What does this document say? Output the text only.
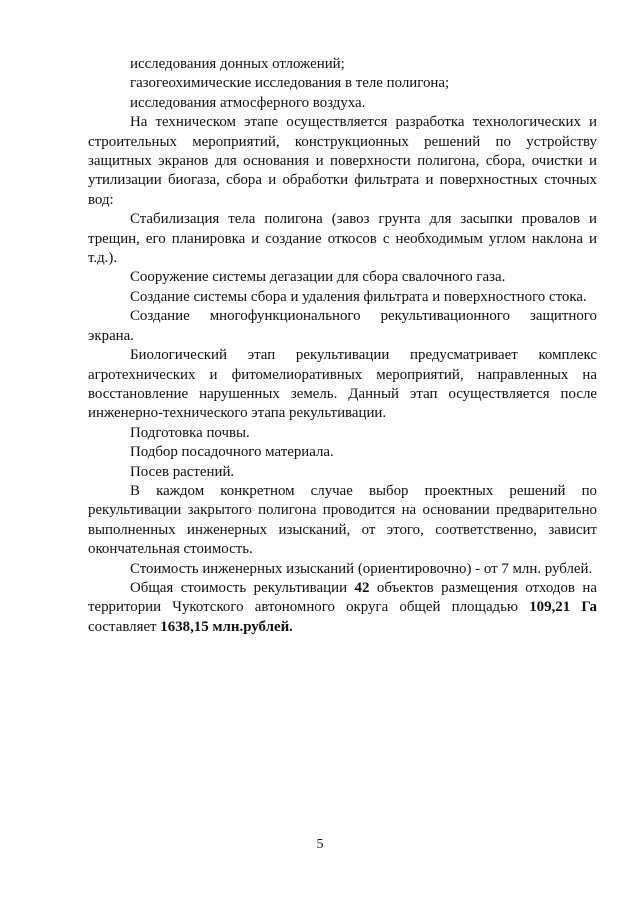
исследования донных отложений;

газогеохимические исследования в теле полигона;

исследования атмосферного воздуха.

На техническом этапе осуществляется разработка технологических и строительных мероприятий, конструкционных решений по устройству защитных экранов для основания и поверхности полигона, сбора, очистки и утилизации биогаза, сбора и обработки фильтрата и поверхностных сточных вод:

Стабилизация тела полигона (завоз грунта для засыпки провалов и трещин, его планировка и создание откосов с необходимым углом наклона и т.д.).

Сооружение системы дегазации для сбора свалочного газа.

Создание системы сбора и удаления фильтрата и поверхностного стока.

Создание многофункционального рекультивационного защитного экрана.

Биологический этап рекультивации предусматривает комплекс агротехнических и фитомелиоративных мероприятий, направленных на восстановление нарушенных земель. Данный этап осуществляется после инженерно-технического этапа рекультивации.

Подготовка почвы.

Подбор посадочного материала.

Посев растений.

В каждом конкретном случае выбор проектных решений по рекультивации закрытого полигона проводится на основании предварительно выполненных инженерных изысканий, от этого, соответственно, зависит окончательная стоимость.

Стоимость инженерных изысканий (ориентировочно) - от 7 млн. рублей.

Общая стоимость рекультивации 42 объектов размещения отходов на территории Чукотского автономного округа общей площадью 109,21 Га составляет 1638,15 млн.рублей.

5
